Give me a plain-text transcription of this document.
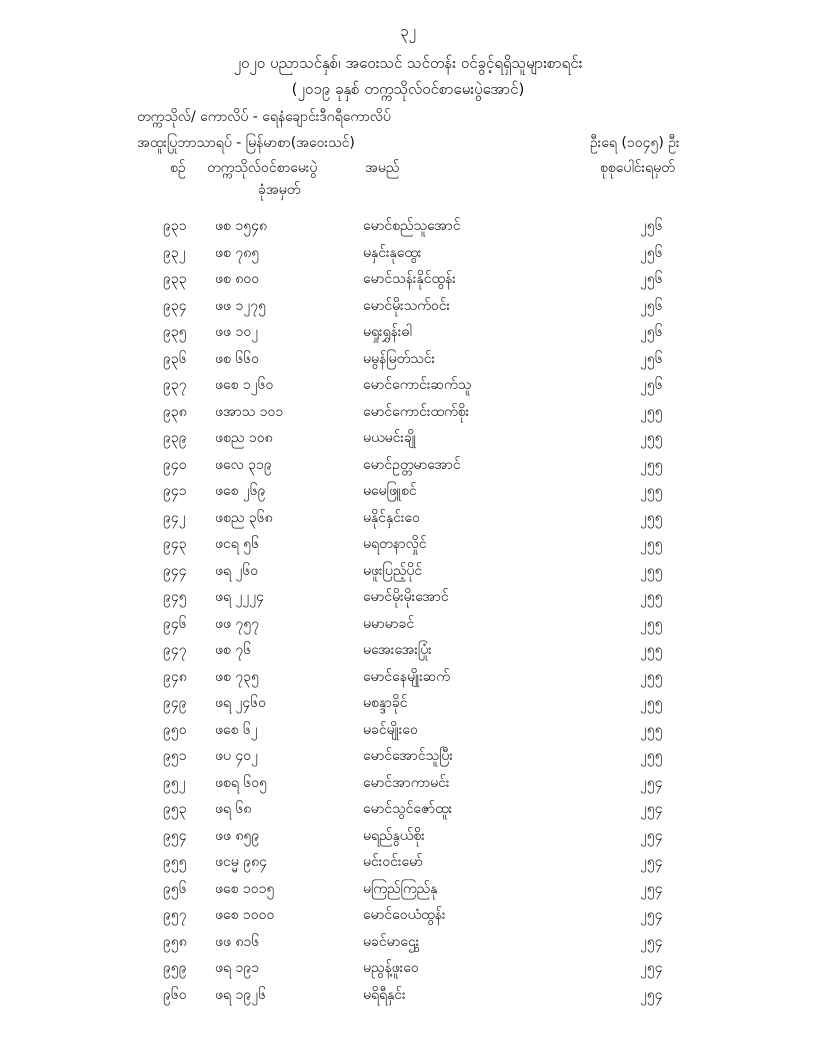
၃၂
၂၀၂၀ ပညာသင်နှစ်၊ အဝေးသင် သင်တန်း ဝင်ခွင့်ရရှိသူများစာရင်း
(၂၀၁၉ ခုနှစ် တက္ကသိုလ်ဝင်စာမေးပွဲအောင်)
တက္ကသိုလ်/ ကောလိပ် - ရေနံချောင်းဒီဂရီကောလိပ်
အထူးပြုဘာသာရပ် - မြန်မာစာ(အဝေးသင်)	ဦးရေ (၁၀၄၅) ဦး
စဉ် တက္ကသိုလ်ဝင်စာမေးပွဲ
ခုံအမှတ်
အမည်	စုစုပေါင်းရမှတ်
၉၃၁ ဖစ ၁၅၄၈	မောင်စည်သူအောင်	၂၅၆
၉၃၂ ဖစ ၇၈၅	မနှင်းနုထွေး	၂၅၆
၉၃၃ ဖစ ၈၀၀	မောင်သန်းနိုင်ထွန်း	၂၅၆
၉၃၄ ဖဖ ၁၂၇၅	မောင်မိုးသက်ဝင်း	၂၅၆
၉၃၅ ဖဖ ၁၀၂	မရှုးရွှန်းဓါ	၂၅၆
၉၃၆ ဖစ ၆၆၀	မမွန်မြတ်သင်း	၂၅၆
၉၃၇ ဖစေ ၁၂၆၀	မောင်ကောင်းဆက်သူ	၂၅၆
၉၃၈ ဖအာသ ၁၀၁	မောင်ကောင်းထက်စိုး	၂၅၅
၉၃၉ ဖစည ၁၀၈	မယမင်းချို	၂၅၅
၉၄၀ ဖလေ ၃၁၉	မောင်ဥတ္တမာအောင်	၂၅၅
၉၄၁ ဖစေ ၂၆၉	မမေဖြူစင်	၂၅၅
၉၄၂ ဖစည ၃၆၈	မနိုင်နှင်းဝေ	၂၅၅
၉၄၃ ဖငရ ၅၆	မရတနာလှိုင်	၂၅၅
၉၄၄ ဖရ ၂၆၀	မဖူးပြည့်ပိုင်	၂၅၅
၉၄၅ ဖရ ၂၂၂၄	မောင်မိုးမိုးအောင်	၂၅၅
၉၄၆ ဖဖ ၇၅၇	မမာမာခင်	၂၅၅
၉၄၇ ဖစ ၇၆	မအေးအေးပြုံး	၂၅၅
၉၄၈ ဖစ ၇၃၅	မောင်နေမျိုးဆက်	၂၅၅
၉၄၉ ဖရ ၂၄၆၀	မစန္ဒာခိုင်	၂၅၅
၉၅၀ ဖစေ ၆၂	မခင်မျိုးဝေ	၂၅၅
၉၅၁ ဖပ ၄၀၂	မောင်အောင်သူပြီး	၂၅၅
၉၅၂ ဖစရ ၆၀၅	မောင်အာကာမင်း	၂၅၄
၉၅၃ ဖရ ၆၈	မောင်သွင်ဇော်ထူး	၂၅၄
၉၅၄ ဖဖ ၈၅၉	မရည်နွယ်စိုး	၂၅၄
၉၅၅ ဖငမ္မ ၉၈၄	မင်းဝင်းမော်	၂၅၄
၉၅၆ ဖစေ ၁၀၁၅	မကြည်ကြည်နု	၂၅၄
၉၅၇ ဖစေ ၁၀၀၀	မောင်ဝေယံထွန်း	၂၅၄
၉၅၈ ဖဖ ၈၁၆	မခင်မာဌွေး	၂၅၄
၉၅၉ ဖရ ၁၉၁	မညွန့်ဖူးဝေ	၂၅၄
၉၆၀ ဖရ ၁၉၂၆	မရိရီနှင်း	၂၅၄
